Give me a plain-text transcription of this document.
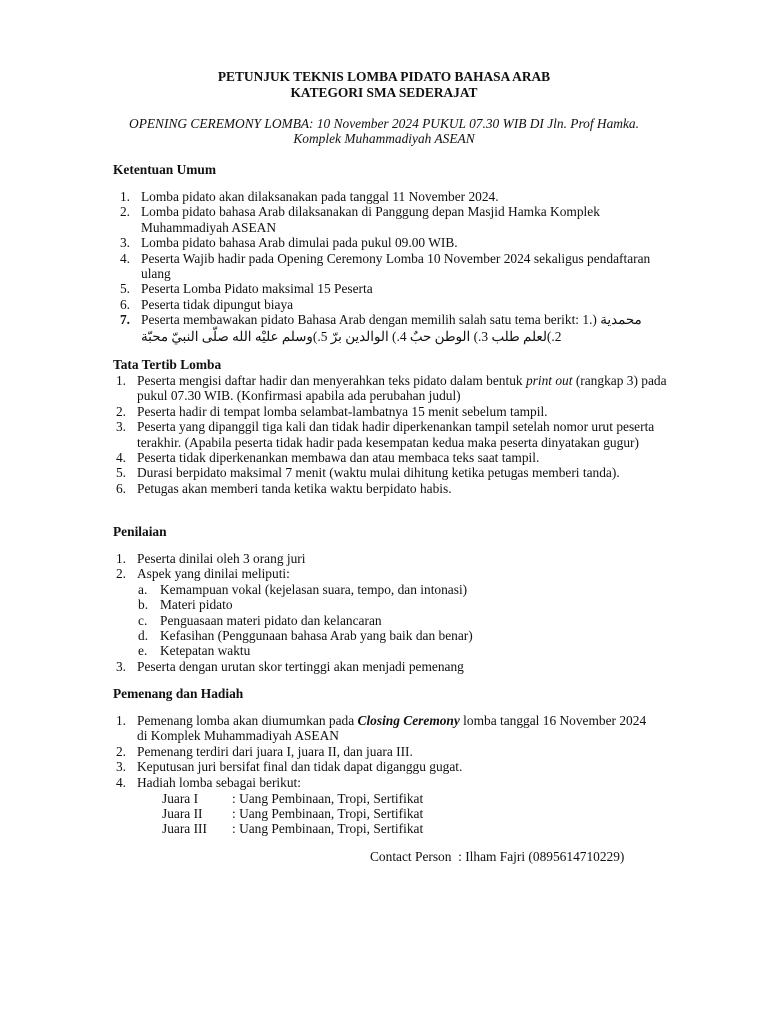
PETUNJUK TEKNIS LOMBA PIDATO BAHASA ARAB
KATEGORI SMA SEDERAJAT
OPENING CEREMONY LOMBA: 10 November 2024 PUKUL 07.30 WIB DI Jln. Prof Hamka.
Komplek Muhammadiyah ASEAN
Ketentuan Umum
1. Lomba pidato akan dilaksanakan pada tanggal 11 November 2024.
2. Lomba pidato bahasa Arab dilaksanakan di Panggung depan Masjid Hamka Komplek Muhammadiyah ASEAN
3. Lomba pidato bahasa Arab dimulai pada pukul 09.00 WIB.
4. Peserta Wajib hadir pada Opening Ceremony Lomba 10 November 2024 sekaligus pendaftaran ulang
5. Peserta Lomba Pidato maksimal 15 Peserta
6. Peserta tidak dipungut biaya
7. Peserta membawakan pidato Bahasa Arab dengan memilih salah satu tema berikt: 1.) محمدية
2.)لعلم طلب 3.) الوطن حبٌ 4.) الوالدين برّ 5.)وسلم عليْه الله صلّى النبيّ محبّة
Tata Tertib Lomba
1. Peserta mengisi daftar hadir dan menyerahkan teks pidato dalam bentuk print out (rangkap 3) pada pukul 07.30 WIB. (Konfirmasi apabila ada perubahan judul)
2. Peserta hadir di tempat lomba selambat-lambatnya 15 menit sebelum tampil.
3. Peserta yang dipanggil tiga kali dan tidak hadir diperkenankan tampil setelah nomor urut peserta terakhir. (Apabila peserta tidak hadir pada kesempatan kedua maka peserta dinyatakan gugur)
4. Peserta tidak diperkenankan membawa dan atau membaca teks saat tampil.
5. Durasi berpidato maksimal 7 menit (waktu mulai dihitung ketika petugas memberi tanda).
6. Petugas akan memberi tanda ketika waktu berpidato habis.
Penilaian
1. Peserta dinilai oleh 3 orang juri
2. Aspek yang dinilai meliputi:
a. Kemampuan vokal (kejelasan suara, tempo, dan intonasi)
b. Materi pidato
c. Penguasaan materi pidato dan kelancaran
d. Kefasihan (Penggunaan bahasa Arab yang baik dan benar)
e. Ketepatan waktu
3. Peserta dengan urutan skor tertinggi akan menjadi pemenang
Pemenang dan Hadiah
1. Pemenang lomba akan diumumkan pada Closing Ceremony lomba tanggal 16 November 2024 di Komplek Muhammadiyah ASEAN
2. Pemenang terdiri dari juara I, juara II, dan juara III.
3. Keputusan juri bersifat final dan tidak dapat diganggu gugat.
4. Hadiah lomba sebagai berikut:
Juara I	: Uang Pembinaan, Tropi, Sertifikat
Juara II : Uang Pembinaan, Tropi, Sertifikat
Juara III : Uang Pembinaan, Tropi, Sertifikat
Contact Person  : Ilham Fajri (0895614710229)
